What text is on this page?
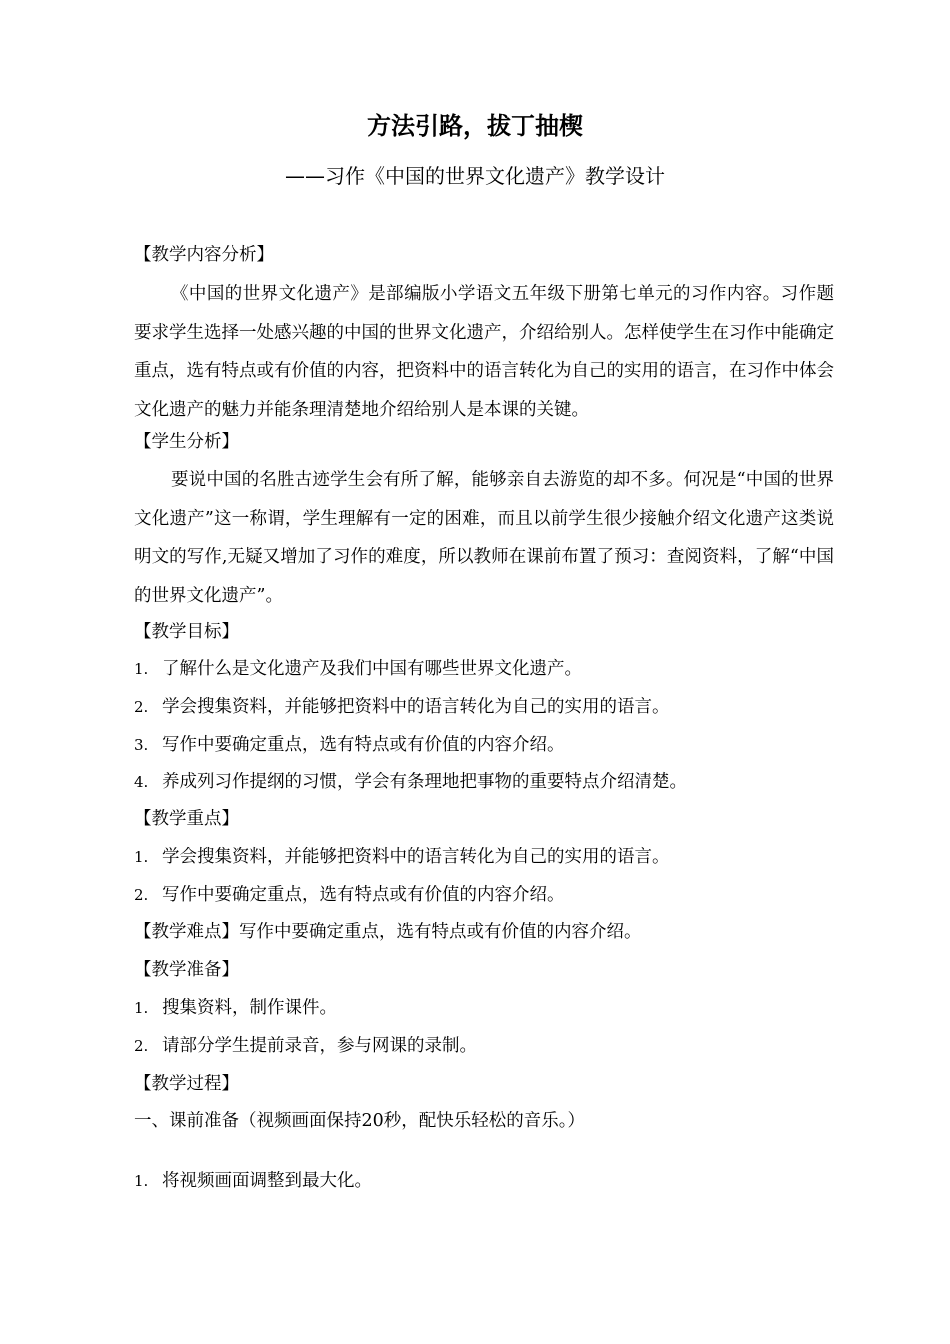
方法引路，拔丁抽楔
——习作《中国的世界文化遗产》教学设计
【教学内容分析】
《中国的世界文化遗产》是部编版小学语文五年级下册第七单元的习作内容。习作题要求学生选择一处感兴趣的中国的世界文化遗产，介绍给别人。怎样使学生在习作中能确定重点，选有特点或有价值的内容，把资料中的语言转化为自己的实用的语言，在习作中体会文化遗产的魅力并能条理清楚地介绍给别人是本课的关键。
【学生分析】
要说中国的名胜古迹学生会有所了解，能够亲自去游览的却不多。何况是“中国的世界文化遗产”这一称谓，学生理解有一定的困难，而且以前学生很少接触介绍文化遗产这类说明文的写作,无疑又增加了习作的难度，所以教师在课前布置了预习：查阅资料，了解“中国的世界文化遗产”。
【教学目标】
1. 了解什么是文化遗产及我们中国有哪些世界文化遗产。
2. 学会搜集资料，并能够把资料中的语言转化为自己的实用的语言。
3. 写作中要确定重点，选有特点或有价值的内容介绍。
4. 养成列习作提纲的习惯，学会有条理地把事物的重要特点介绍清楚。
【教学重点】
1. 学会搜集资料，并能够把资料中的语言转化为自己的实用的语言。
2. 写作中要确定重点，选有特点或有价值的内容介绍。
【教学难点】写作中要确定重点，选有特点或有价值的内容介绍。
【教学准备】
1. 搜集资料，制作课件。
2. 请部分学生提前录音，参与网课的录制。
【教学过程】
一、课前准备（视频画面保持20秒，配快乐轻松的音乐。）
1. 将视频画面调整到最大化。
